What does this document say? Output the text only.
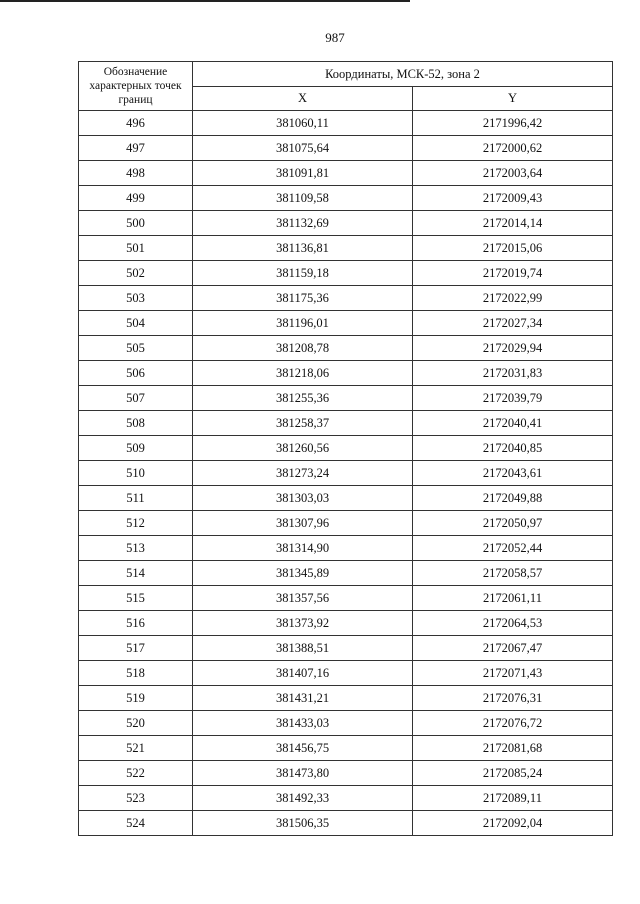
987
Обозначение характерных точек границ	Координаты, МСК-52, зона 2	
	X	Y
496	381060,11	2171996,42
497	381075,64	2172000,62
498	381091,81	2172003,64
499	381109,58	2172009,43
500	381132,69	2172014,14
501	381136,81	2172015,06
502	381159,18	2172019,74
503	381175,36	2172022,99
504	381196,01	2172027,34
505	381208,78	2172029,94
506	381218,06	2172031,83
507	381255,36	2172039,79
508	381258,37	2172040,41
509	381260,56	2172040,85
510	381273,24	2172043,61
511	381303,03	2172049,88
512	381307,96	2172050,97
513	381314,90	2172052,44
514	381345,89	2172058,57
515	381357,56	2172061,11
516	381373,92	2172064,53
517	381388,51	2172067,47
518	381407,16	2172071,43
519	381431,21	2172076,31
520	381433,03	2172076,72
521	381456,75	2172081,68
522	381473,80	2172085,24
523	381492,33	2172089,11
524	381506,35	2172092,04
